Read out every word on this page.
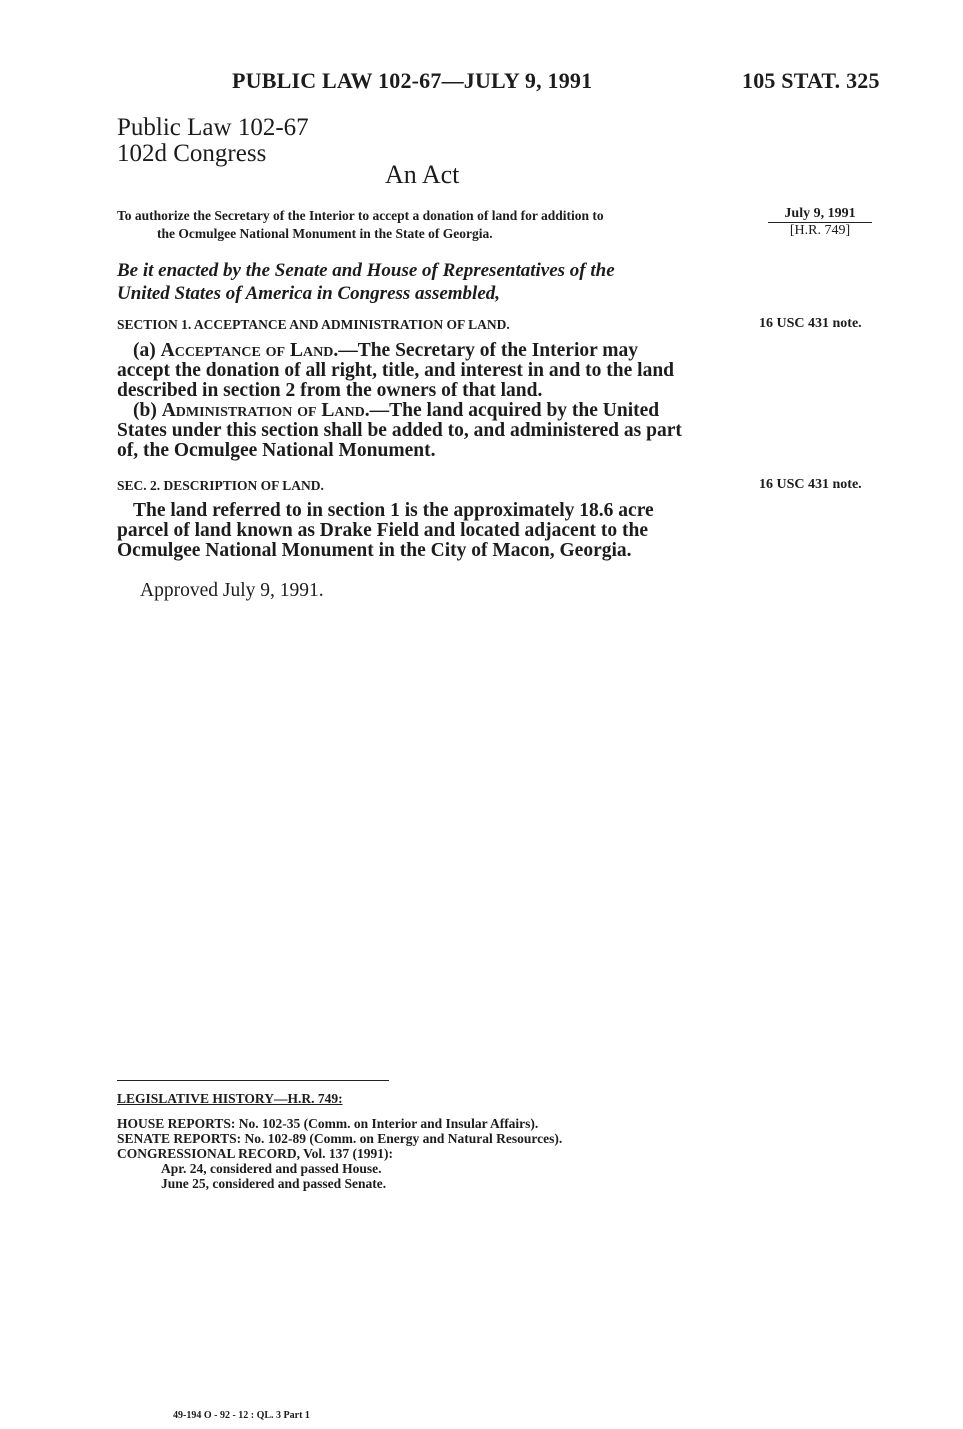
PUBLIC LAW 102-67—JULY 9, 1991	105 STAT. 325
Public Law 102-67
102d Congress
An Act
To authorize the Secretary of the Interior to accept a donation of land for addition to
the Ocmulgee National Monument in the State of Georgia.
July 9, 1991
[H.R. 749]
Be it enacted by the Senate and House of Representatives of the
United States of America in Congress assembled,
SECTION 1. ACCEPTANCE AND ADMINISTRATION OF LAND.	16 USC 431 note.
(a) Acceptance of Land.—The Secretary of the Interior may
accept the donation of all right, title, and interest in and to the land
described in section 2 from the owners of that land.
(b) Administration of Land.—The land acquired by the United
States under this section shall be added to, and administered as part
of, the Ocmulgee National Monument.
SEC. 2. DESCRIPTION OF LAND.	16 USC 431 note.
The land referred to in section 1 is the approximately 18.6 acre
parcel of land known as Drake Field and located adjacent to the
Ocmulgee National Monument in the City of Macon, Georgia.
Approved July 9, 1991.
LEGISLATIVE HISTORY—H.R. 749:
HOUSE REPORTS: No. 102-35 (Comm. on Interior and Insular Affairs).
SENATE REPORTS: No. 102-89 (Comm. on Energy and Natural Resources).
CONGRESSIONAL RECORD, Vol. 137 (1991):
Apr. 24, considered and passed House.
June 25, considered and passed Senate.
49-194 O - 92 - 12 : QL. 3 Part 1
